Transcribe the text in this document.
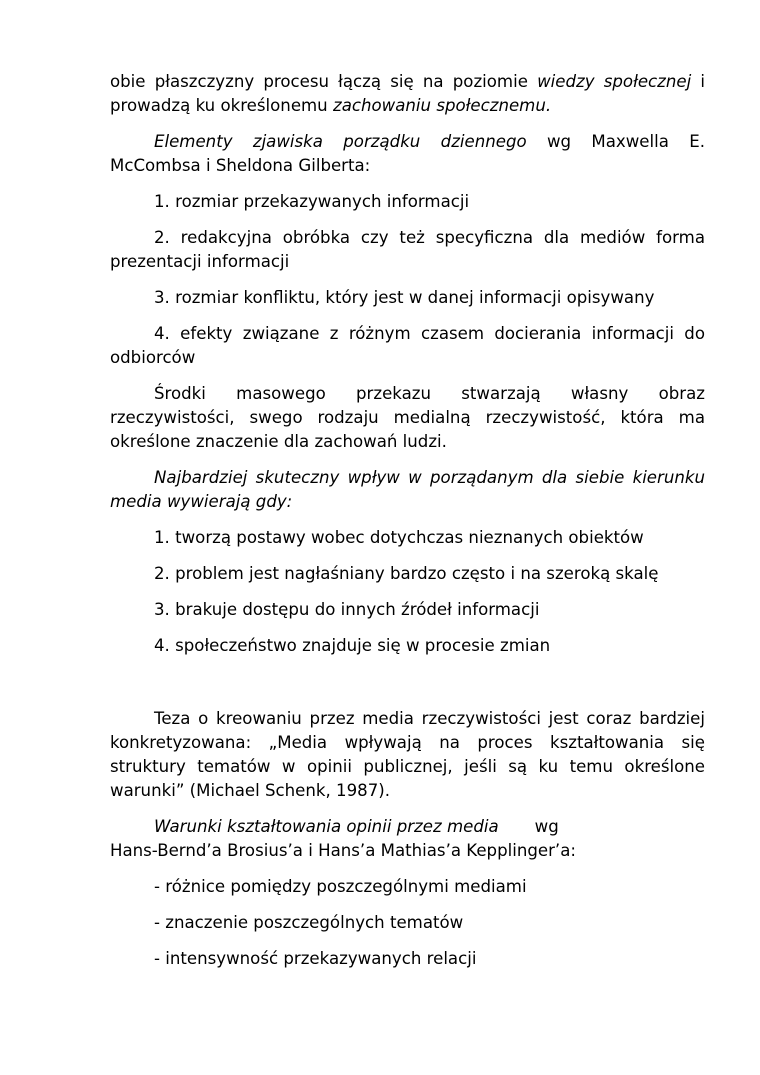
obie płaszczyzny procesu łączą się na poziomie wiedzy społecznej i prowadzą ku określonemu zachowaniu społecznemu.

Elementy zjawiska porządku dziennego wg Maxwella E. McCombsa i Sheldona Gilberta:

1. rozmiar przekazywanych informacji

2. redakcyjna obróbka czy też specyficzna dla mediów forma prezentacji informacji

3. rozmiar konfliktu, który jest w danej informacji opisywany

4. efekty związane z różnym czasem docierania informacji do odbiorców

Środki masowego przekazu stwarzają własny obraz rzeczywistości, swego rodzaju medialną rzeczywistość, która ma określone znaczenie dla zachowań ludzi.

Najbardziej skuteczny wpływ w porządanym dla siebie kierunku media wywierają gdy:

1. tworzą postawy wobec dotychczas nieznanych obiektów

2. problem jest nagłaśniany bardzo często i na szeroką skalę

3. brakuje dostępu do innych źródeł informacji

4. społeczeństwo znajduje się w procesie zmian

Teza o kreowaniu przez media rzeczywistości jest coraz bardziej konkretyzowana: „Media wpływają na proces kształtowania się struktury tematów w opinii publicznej, jeśli są ku temu określone warunki” (Michael Schenk, 1987).

Warunki kształtowania opinii przez media wg
Hans-Bernd’a Brosius’a i Hans’a Mathias’a Kepplinger’a:

- różnice pomiędzy poszczególnymi mediami

- znaczenie poszczególnych tematów

- intensywność przekazywanych relacji
